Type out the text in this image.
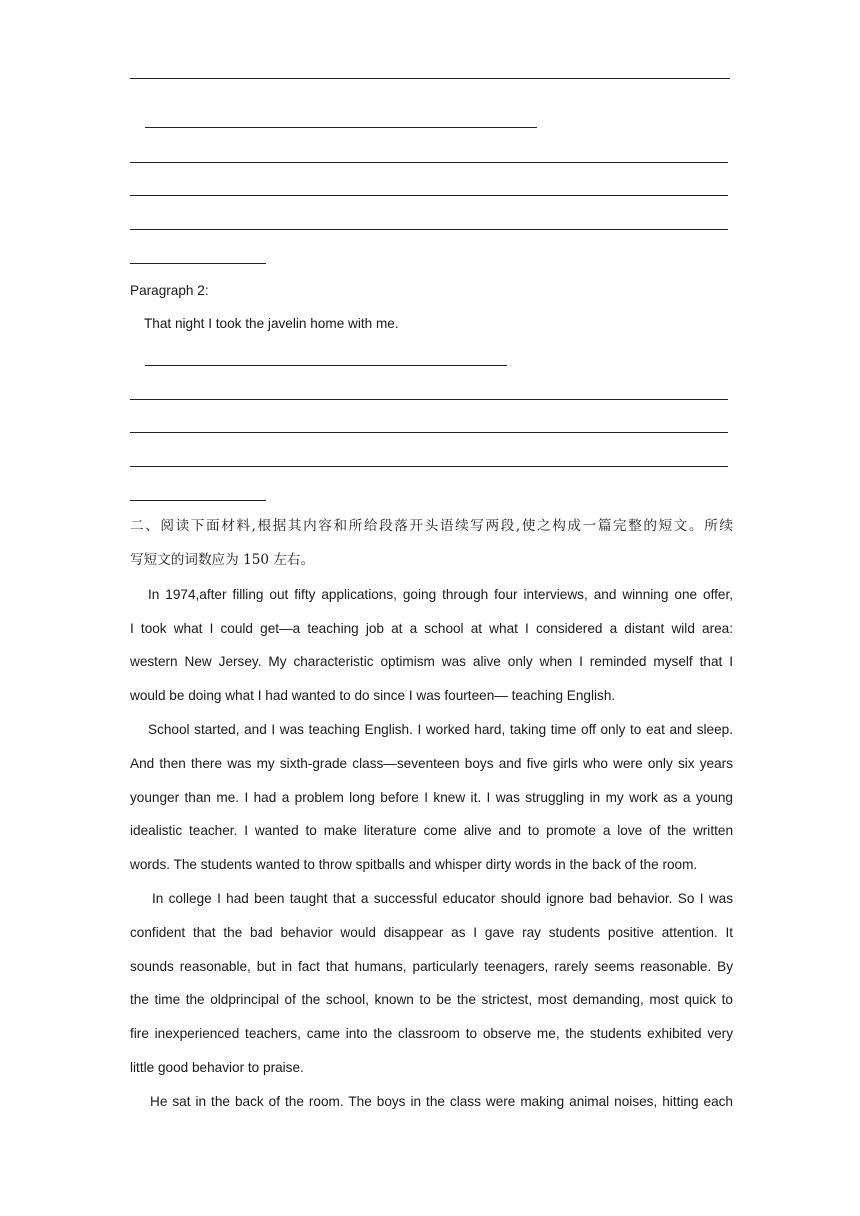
Paragraph 2:
That night I took the javelin home with me.
二、阅读下面材料,根据其内容和所给段落开头语续写两段,使之构成一篇完整的短文。所续
写短文的词数应为 150 左右。
In 1974,after filling out fifty applications, going through four interviews, and winning one offer,
I took what I could get—a teaching job at a school at what I considered a distant wild area:
western New Jersey. My characteristic optimism was alive only when I reminded myself that I
would be doing what I had wanted to do since I was fourteen— teaching English.
School started, and I was teaching English. I worked hard, taking time off only to eat and sleep.
And then there was my sixth-grade class—seventeen boys and five girls who were only six years
younger than me. I had a problem long before I knew it. I was struggling in my work as a young
idealistic teacher. I wanted to make literature come alive and to promote a love of the written
words. The students wanted to throw spitballs and whisper dirty words in the back of the room.
In college I had been taught that a successful educator should ignore bad behavior. So I was
confident that the bad behavior would disappear as I gave ray students positive attention. It
sounds reasonable, but in fact that humans, particularly teenagers, rarely seems reasonable. By
the time the oldprincipal of the school, known to be the strictest, most demanding, most quick to
fire inexperienced teachers, came into the classroom to observe me, the students exhibited very
little good behavior to praise.
He sat in the back of the room. The boys in the class were making animal noises, hitting each
